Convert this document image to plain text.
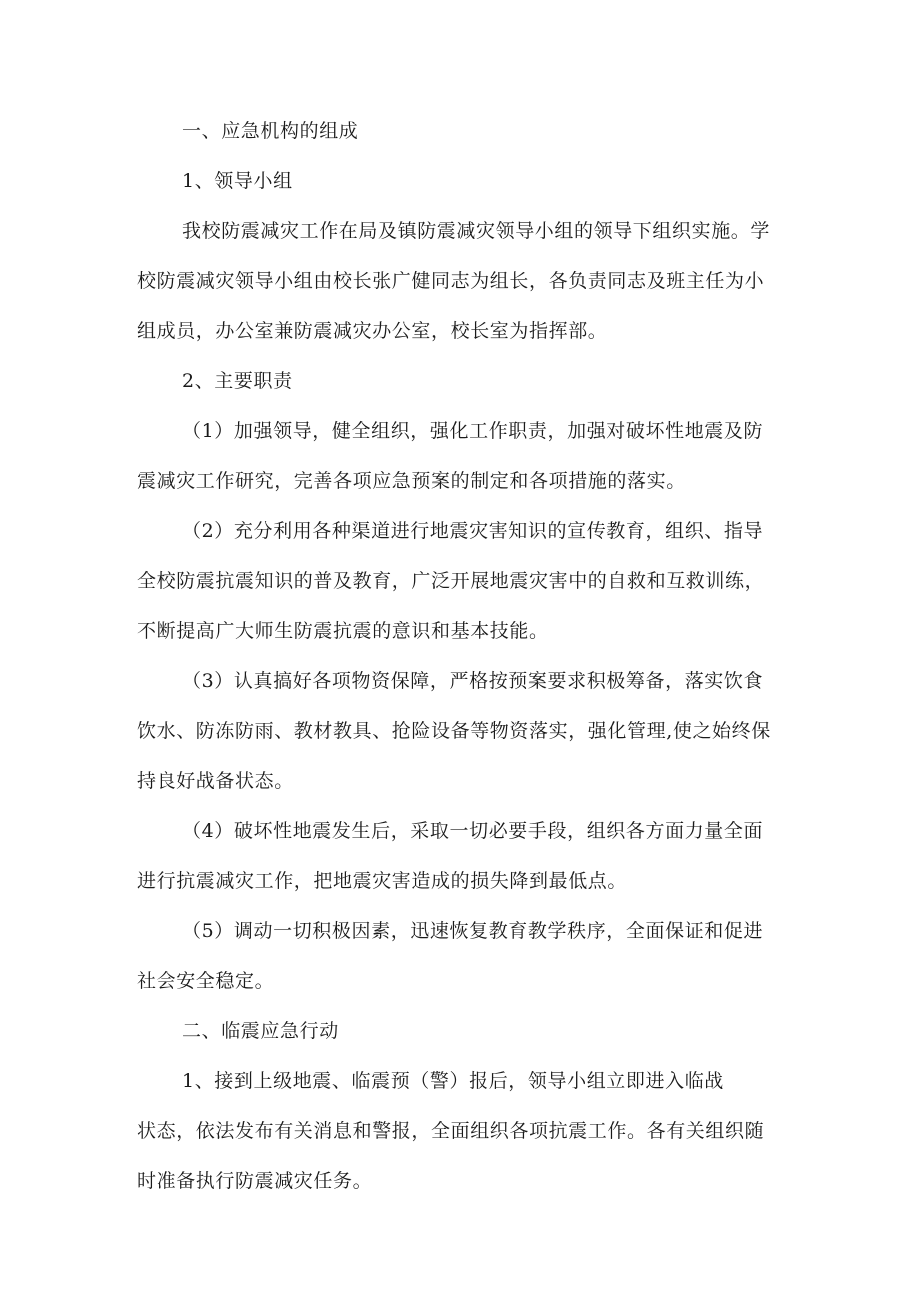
一、应急机构的组成
1、领导小组
我校防震减灾工作在局及镇防震减灾领导小组的领导下组织实施。学
校防震减灾领导小组由校长张广健同志为组长，各负责同志及班主任为小
组成员，办公室兼防震减灾办公室，校长室为指挥部。
2、主要职责
（1）加强领导，健全组织，强化工作职责，加强对破坏性地震及防
震减灾工作研究，完善各项应急预案的制定和各项措施的落实。
（2）充分利用各种渠道进行地震灾害知识的宣传教育，组织、指导
全校防震抗震知识的普及教育，广泛开展地震灾害中的自救和互救训练，
不断提高广大师生防震抗震的意识和基本技能。
（3）认真搞好各项物资保障，严格按预案要求积极筹备，落实饮食
饮水、防冻防雨、教材教具、抢险设备等物资落实，强化管理,使之始终保
持良好战备状态。
（4）破坏性地震发生后，采取一切必要手段，组织各方面力量全面
进行抗震减灾工作，把地震灾害造成的损失降到最低点。
（5）调动一切积极因素，迅速恢复教育教学秩序，全面保证和促进
社会安全稳定。
二、临震应急行动
1、接到上级地震、临震预（警）报后，领导小组立即进入临战
状态，依法发布有关消息和警报，全面组织各项抗震工作。各有关组织随
时准备执行防震减灾任务。
